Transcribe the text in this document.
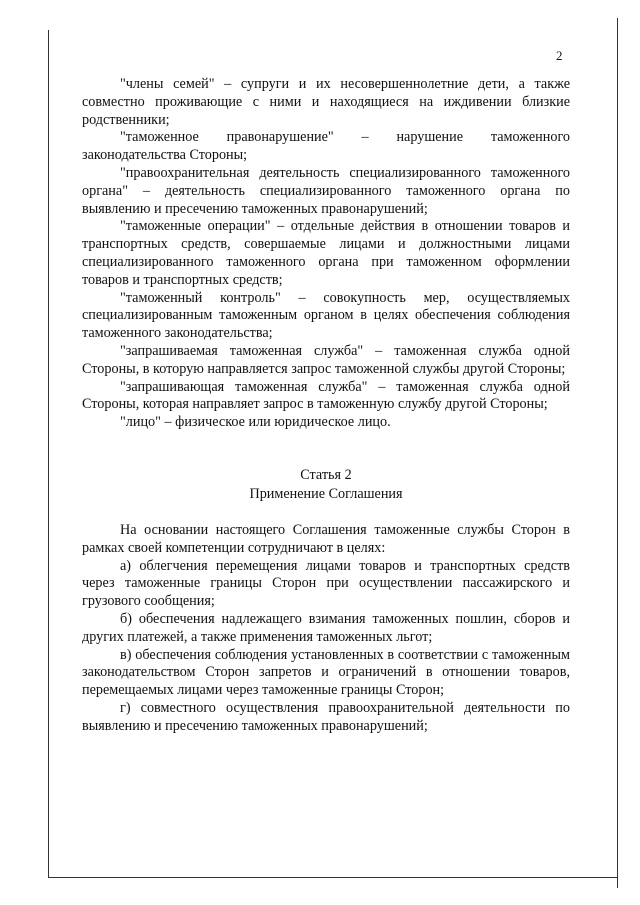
2

"члены семей" – супруги и их несовершеннолетние дети, а также совместно проживающие с ними и находящиеся на иждивении близкие родственники;

"таможенное правонарушение" – нарушение таможенного законодательства Стороны;

"правоохранительная деятельность специализированного таможенного органа" – деятельность специализированного таможенного органа по выявлению и пресечению таможенных правонарушений;

"таможенные операции" – отдельные действия в отношении товаров и транспортных средств, совершаемые лицами и должностными лицами специализированного таможенного органа при таможенном оформлении товаров и транспортных средств;

"таможенный контроль" – совокупность мер, осуществляемых специализированным таможенным органом в целях обеспечения соблюдения таможенного законодательства;

"запрашиваемая таможенная служба" – таможенная служба одной Стороны, в которую направляется запрос таможенной службы другой Стороны;

"запрашивающая таможенная служба" – таможенная служба одной Стороны, которая направляет запрос в таможенную службу другой Стороны;

"лицо" – физическое или юридическое лицо.

Статья 2
Применение Соглашения

На основании настоящего Соглашения таможенные службы Сторон в рамках своей компетенции сотрудничают в целях:

а) облегчения перемещения лицами товаров и транспортных средств через таможенные границы Сторон при осуществлении пассажирского и грузового сообщения;

б) обеспечения надлежащего взимания таможенных пошлин, сборов и других платежей, а также применения таможенных льгот;

в) обеспечения соблюдения установленных в соответствии с таможенным законодательством Сторон запретов и ограничений в отношении товаров, перемещаемых лицами через таможенные границы Сторон;

г) совместного осуществления правоохранительной деятельности по выявлению и пресечению таможенных правонарушений;
